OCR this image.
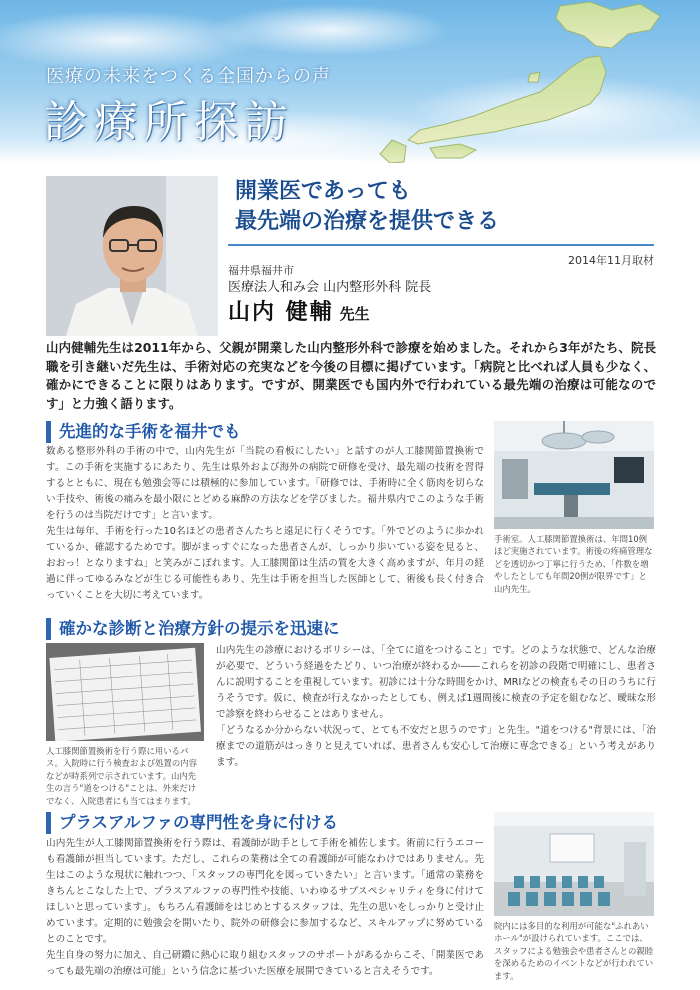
医療の未来をつくる全国からの声
診療所探訪
開業医であっても
最先端の治療を提供できる
2014年11月取材
福井県福井市
医療法人和み会 山内整形外科 院長
山内 健輔 先生
山内健輔先生は2011年から、父親が開業した山内整形外科で診療を始めました。それから3年がたち、院長職を引き継いだ先生は、手術対応の充実などを今後の目標に掲げています。「病院と比べれば人員も少なく、確かにできることに限りはあります。ですが、開業医でも国内外で行われている最先端の治療は可能なのです」と力強く語ります。
先進的な手術を福井でも
数ある整形外科の手術の中で、山内先生が「当院の看板にしたい」と話すのが人工膝関節置換術です。この手術を実施するにあたり、先生は県外および海外の病院で研修を受け、最先端の技術を習得するとともに、現在も勉強会等には積極的に参加しています。「研修では、手術時に全く筋肉を切らない手技や、術後の痛みを最小限にとどめる麻酔の方法などを学びました。福井県内でこのような手術を行うのは当院だけです」と言います。
先生は毎年、手術を行った10名ほどの患者さんたちと遠足に行くそうです。「外でどのように歩かれているか、確認するためです。脚がまっすぐになった患者さんが、しっかり歩いている姿を見ると、おおっ！となりますね」と笑みがこぼれます。人工膝関節は生活の質を大きく高めますが、年月の経過に伴ってゆるみなどが生じる可能性もあり、先生は手術を担当した医師として、術後も長く付き合っていくことを大切に考えています。
手術室。人工膝関節置換術は、年間10例ほど実施されています。術後の疼痛管理などを透切かつ丁寧に行うため、「件数を増やしたとしても年間20例が限界です」と山内先生。
確かな診断と治療方針の提示を迅速に
人工膝関節置換術を行う際に用いるパス。入院時に行う検査および処置の内容などが時系列で示されています。山内先生の言う"道をつける"ことは、外来だけでなく、入院患者にも当てはまります。
山内先生の診療におけるポリシーは、「全てに道をつけること」です。どのような状態で、どんな治療が必要で、どういう経過をたどり、いつ治療が終わるか――これらを初診の段階で明確にし、患者さんに説明することを重視しています。初診には十分な時間をかけ、MRIなどの検査もその日のうちに行うそうです。仮に、検査が行えなかったとしても、例えば1週間後に検査の予定を組むなど、曖昧な形で診察を終わらせることはありません。
「どうなるか分からない状況って、とても不安だと思うのです」と先生。"道をつける"背景には、「治療までの道筋がはっきりと見えていれば、患者さんも安心して治療に専念できる」という考えがあります。
プラスアルファの専門性を身に付ける
山内先生が人工膝関節置換術を行う際は、看護師が助手として手術を補佐します。術前に行うエコーも看護師が担当しています。ただし、これらの業務は全ての看護師が可能なわけではありません。先生はこのような現状に触れつつ、「スタッフの専門化を図っていきたい」と言います。「通常の業務をきちんとこなした上で、プラスアルファの専門性や技能、いわゆるサブスペシャリティを身に付けてほしいと思っています」。もちろん看護師をはじめとするスタッフは、先生の思いをしっかりと受け止めています。定期的に勉強会を開いたり、院外の研修会に参加するなど、スキルアップに努めているとのことです。
先生自身の努力に加え、自己研鑽に熱心に取り組むスタッフのサポートがあるからこそ、「開業医であっても最先端の治療は可能」という信念に基づいた医療を展開できていると言えそうです。
院内には多目的な利用が可能な"ふれあいホール"が設けられています。ここでは、スタッフによる勉強会や患者さんとの親睦を深めるためのイベントなどが行われています。
